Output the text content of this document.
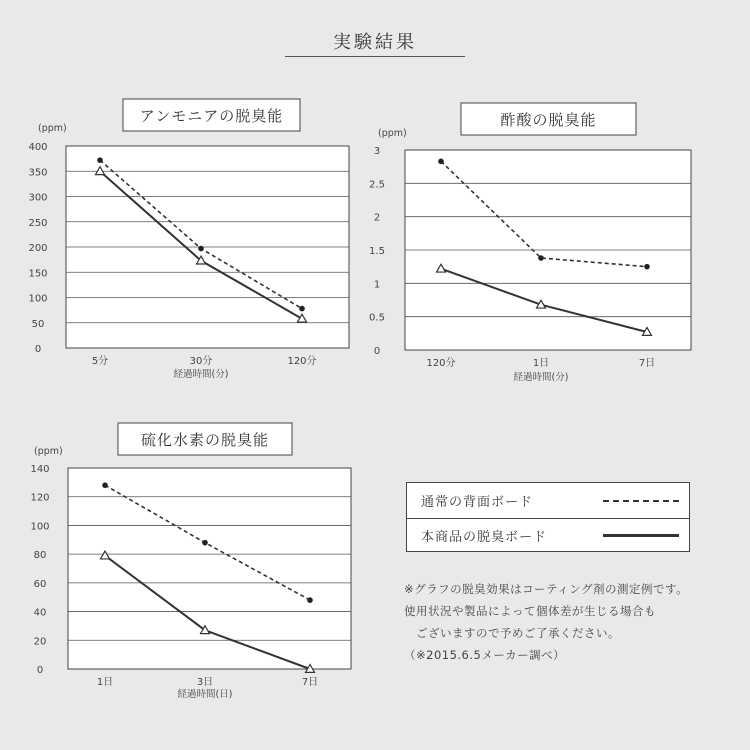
実験結果
アンモニアの脱臭能
0
50
100
150
200
250
300
350
400
(ppm)
5分	30分	120分
経過時間(分)
酢酸の脱臭能
0
0.5
1
1.5
2
2.5
3
(ppm)
120分	1日	7日
経過時間(分)
硫化水素の脱臭能
0
20
40
60
80
100
120
140
(ppm)
1日	3日	7日
経過時間(日)
通常の背面ボード
本商品の脱臭ボード
※グラフの脱臭効果はコーティング剤の測定例です。
使用状況や製品によって個体差が生じる場合も
　ございますので予めご了承ください。
（※2015.6.5メーカー調べ）
